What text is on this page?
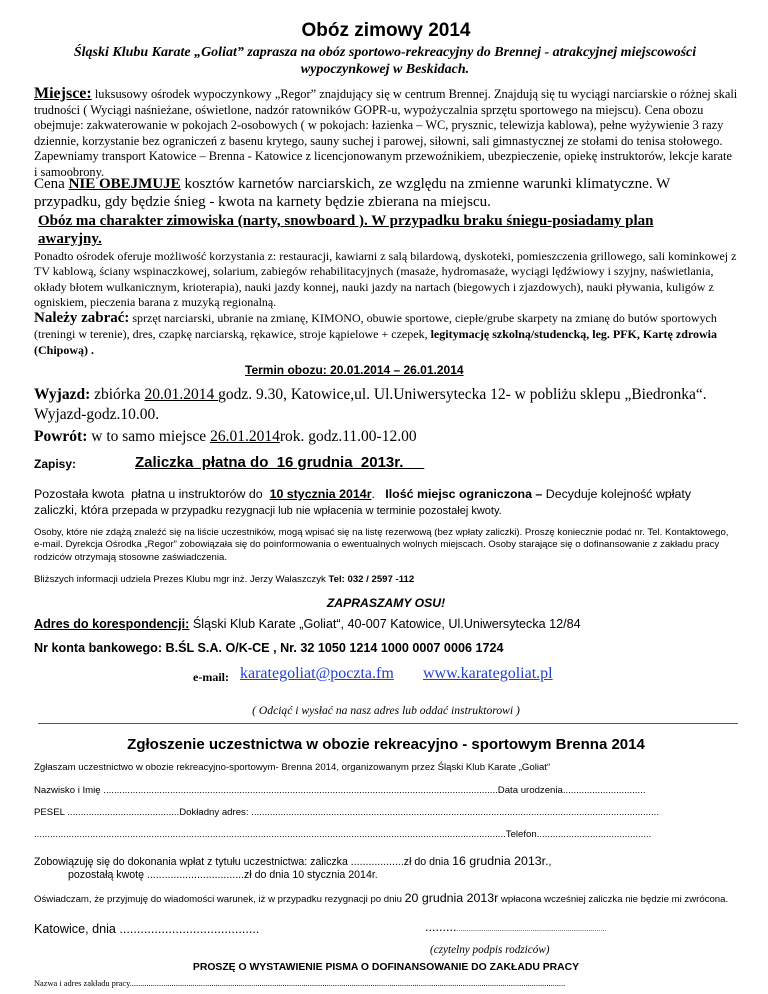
Obóz zimowy 2014

Śląski Klubu Karate „Goliat” zaprasza na obóz sportowo-rekreacyjny do Brennej - atrakcyjnej miejscowości wypoczynkowej w Beskidach.

Miejsce: luksusowy ośrodek wypoczynkowy „Regor” znajdujący się w centrum Brennej. Znajdują się tu wyciągi narciarskie o różnej skali trudności ( Wyciągi naśnieżane, oświetlone, nadzór ratowników GOPR-u, wypożyczalnia sprzętu sportowego na miejscu). Cena obozu obejmuje: zakwaterowanie w pokojach 2-osobowych ( w pokojach: łazienka – WC, prysznic, telewizja kablowa), pełne wyżywienie 3 razy dziennie, korzystanie bez ograniczeń z basenu krytego, sauny suchej i parowej, siłowni, sali gimnastycznej ze stołami do tenisa stołowego. Zapewniamy transport Katowice – Brenna - Katowice z licencjonowanym przewoźnikiem, ubezpieczenie, opiekę instruktorów, lekcje karate i samoobrony.

Cena NIE OBEJMUJE kosztów karnetów narciarskich, ze względu na zmienne warunki klimatyczne. W przypadku, gdy będzie śnieg - kwota na karnety będzie zbierana na miejscu.

Obóz ma charakter zimowiska (narty, snowboard ). W przypadku braku śniegu-posiadamy plan awaryjny.

Ponadto ośrodek oferuje możliwość korzystania z: restauracji, kawiarni z salą bilardową, dyskoteki, pomieszczenia grillowego, sali kominkowej z TV kablową, ściany wspinaczkowej, solarium, zabiegów rehabilitacyjnych (masaże, hydromasaże, wyciągi lędźwiowy i szyjny, naświetlania, okłady błotem wulkanicznym, krioterapia), nauki jazdy konnej, nauki jazdy na nartach (biegowych i zjazdowych), nauki pływania, kuligów z ogniskiem, pieczenia barana z muzyką regionalną.

Należy zabrać: sprzęt narciarski, ubranie na zmianę, KIMONO, obuwie sportowe, ciepłe/grube skarpety na zmianę do butów sportowych (treningi w terenie), dres, czapkę narciarską, rękawice, stroje kąpielowe + czepek, legitymację szkolną/studencką, leg. PFK, Kartę zdrowia (Chipową) .

Termin obozu: 20.01.2014 – 26.01.2014

Wyjazd: zbiórka 20.01.2014 godz. 9.30, Katowice,ul. Ul.Uniwersytecka 12- w pobliżu sklepu „Biedronka“.

Wyjazd-godz.10.00.

Powrót: w to samo miejsce 26.01.2014rok. godz.11.00-12.00

Zapisy:	Zaliczka  płatna do  16 grudnia  2013r.

Pozostała kwota  płatna u instruktorów do  10 stycznia 2014r.   Ilość miejsc ograniczona – Decyduje kolejność wpłaty

zaliczki, która przepada w przypadku rezygnacji lub nie wpłacenia w terminie pozostałej kwoty.

Osoby, które nie zdążą znaleźć się na liście uczestników, mogą wpisać się na listę rezerwową (bez wpłaty zaliczki). Proszę koniecznie podać nr. Tel. Kontaktowego, e-mail. Dyrekcja Ośrodka „Regor” zobowiązała się do poinformowania o ewentualnych wolnych miejscach. Osoby starające się o dofinansowanie z zakładu pracy rodziców otrzymają stosowne zaświadczenia.

Bliższych informacji udziela Prezes Klubu mgr inż. Jerzy Walaszczyk Tel: 032 / 2597 -112

ZAPRASZAMY OSU!

Adres do korespondencji: Śląski Klub Karate „Goliat“, 40-007 Katowice, Ul.Uniwersytecka 12/84

Nr konta bankowego: B.ŚL S.A. O/K-CE , Nr. 32 1050 1214 1000 0007 0006 1724

e-mail: karategoliat@poczta.fm www.karategoliat.pl

( Odciąć i wysłać na nasz adres lub oddać instruktorowi )

Zgłoszenie uczestnictwa w obozie rekreacyjno - sportowym Brenna 2014

Zgłaszam uczestnictwo w obozie rekreacyjno-sportowym- Brenna 2014, organizowanym przez Śląski Klub Karate „Goliat“

Nazwisko i Imię ....................................................................................................................................................Data urodzenia...............................

PESEL ..........................................Dokładny adres: .........................................................................................................................................................

.................................................................................................................................................................................Telefon...........................................

Zobowiązuję się do dokonania wpłat z tytułu uczestnictwa: zaliczka ..................zł do dnia 16 grudnia 2013r.,

pozostałą kwotę .................................zł do dnia 10 stycznia 2014r.

Oświadczam, że przyjmuję do wiadomości warunek, iż w przypadku rezygnacji po dniu 20 grudnia 2013r wpłacona wcześniej zaliczka nie będzie mi zwrócona.

Katowice, dnia ........................................	......................................................................................

(czytelny podpis rodziców)

PROSZĘ O WYSTAWIENIE PISMA O DOFINANSOWANIE DO ZAKŁADU PRACY

Nazwa i adres zakładu pracy................................................................................................................................................................................................................
